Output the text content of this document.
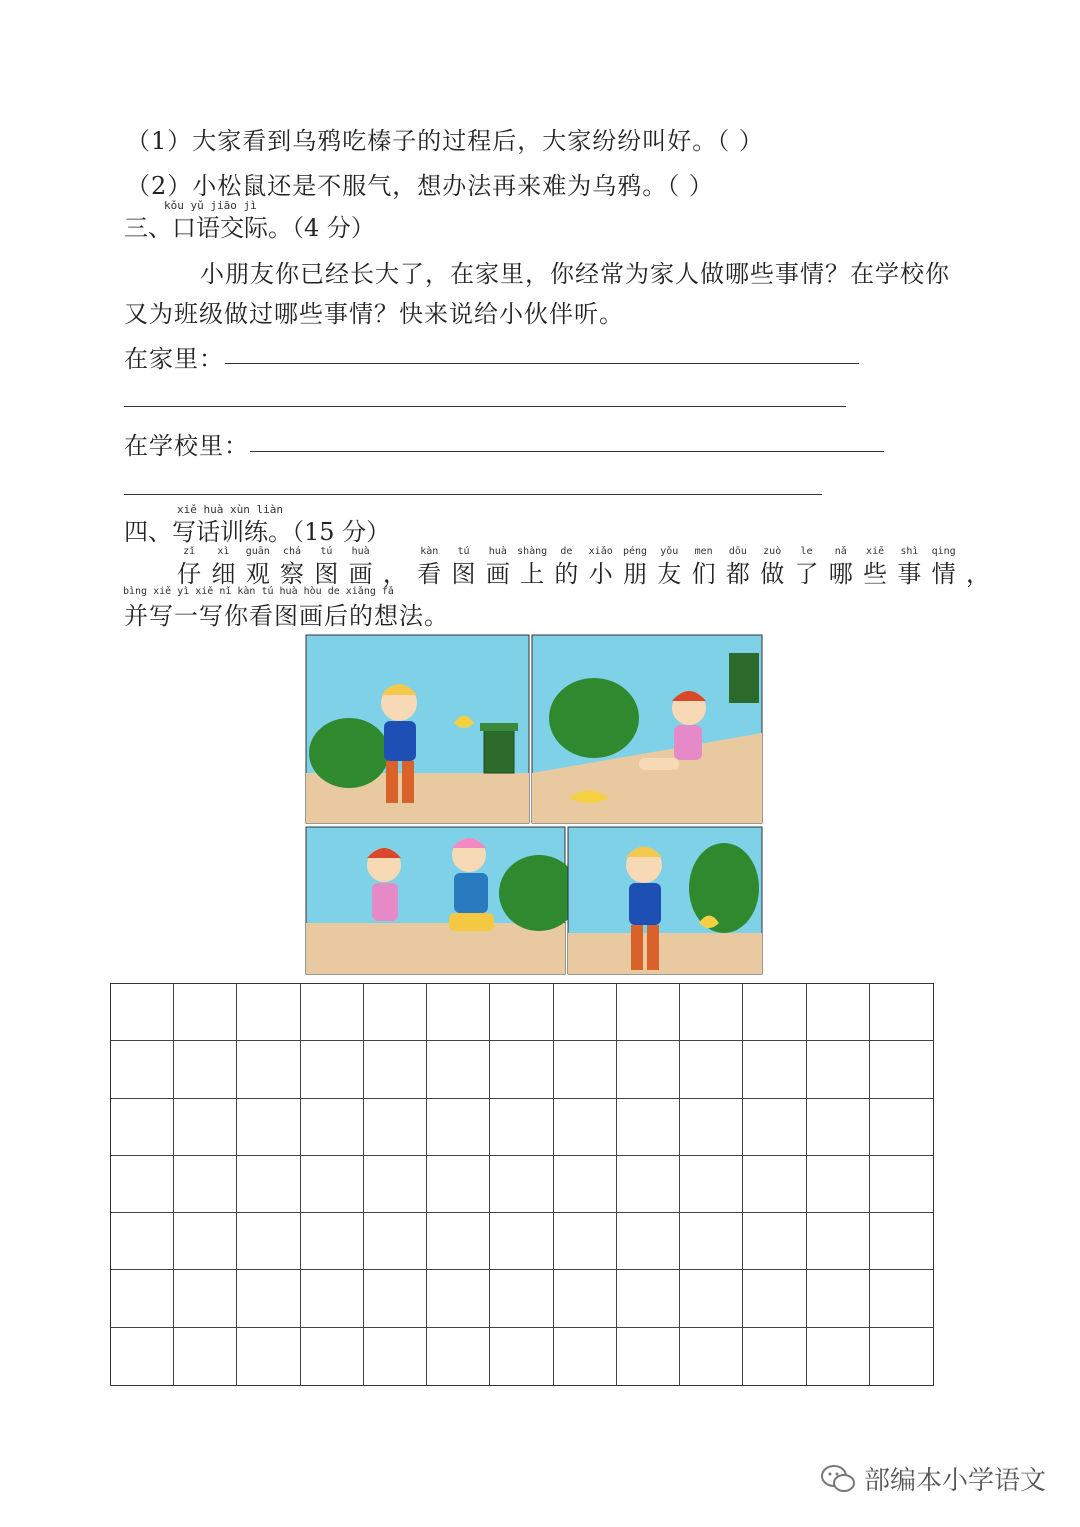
（1）大家看到乌鸦吃榛子的过程后，大家纷纷叫好。（ ）
（2）小松鼠还是不服气，想办法再来难为乌鸦。（ ）
kǒu yǔ jiāo jì
三、口语交际。（4 分）
小朋友你已经长大了，在家里，你经常为家人做哪些事情？在学校你
又为班级做过哪些事情？快来说给小伙伴听。
在家里：
在学校里：
xiě huà xùn liàn
四、写话训练。（15 分）
zǐ
仔
xì
细
guān
观
chá
察
tú
图
huà
画 ，
kàn
看
tú
图
huà
画
shàng
上
de
的
xiǎo
小
péng
朋
yǒu
友
men
们
dōu
都
zuò
做
le
了
nǎ
哪
xiē
些
shì
事
qing
情 ，
bìng xiě yì xiě nǐ kàn tú huà hòu de xiǎng fǎ
并写一写你看图画后的想法。
部编本小学语文
